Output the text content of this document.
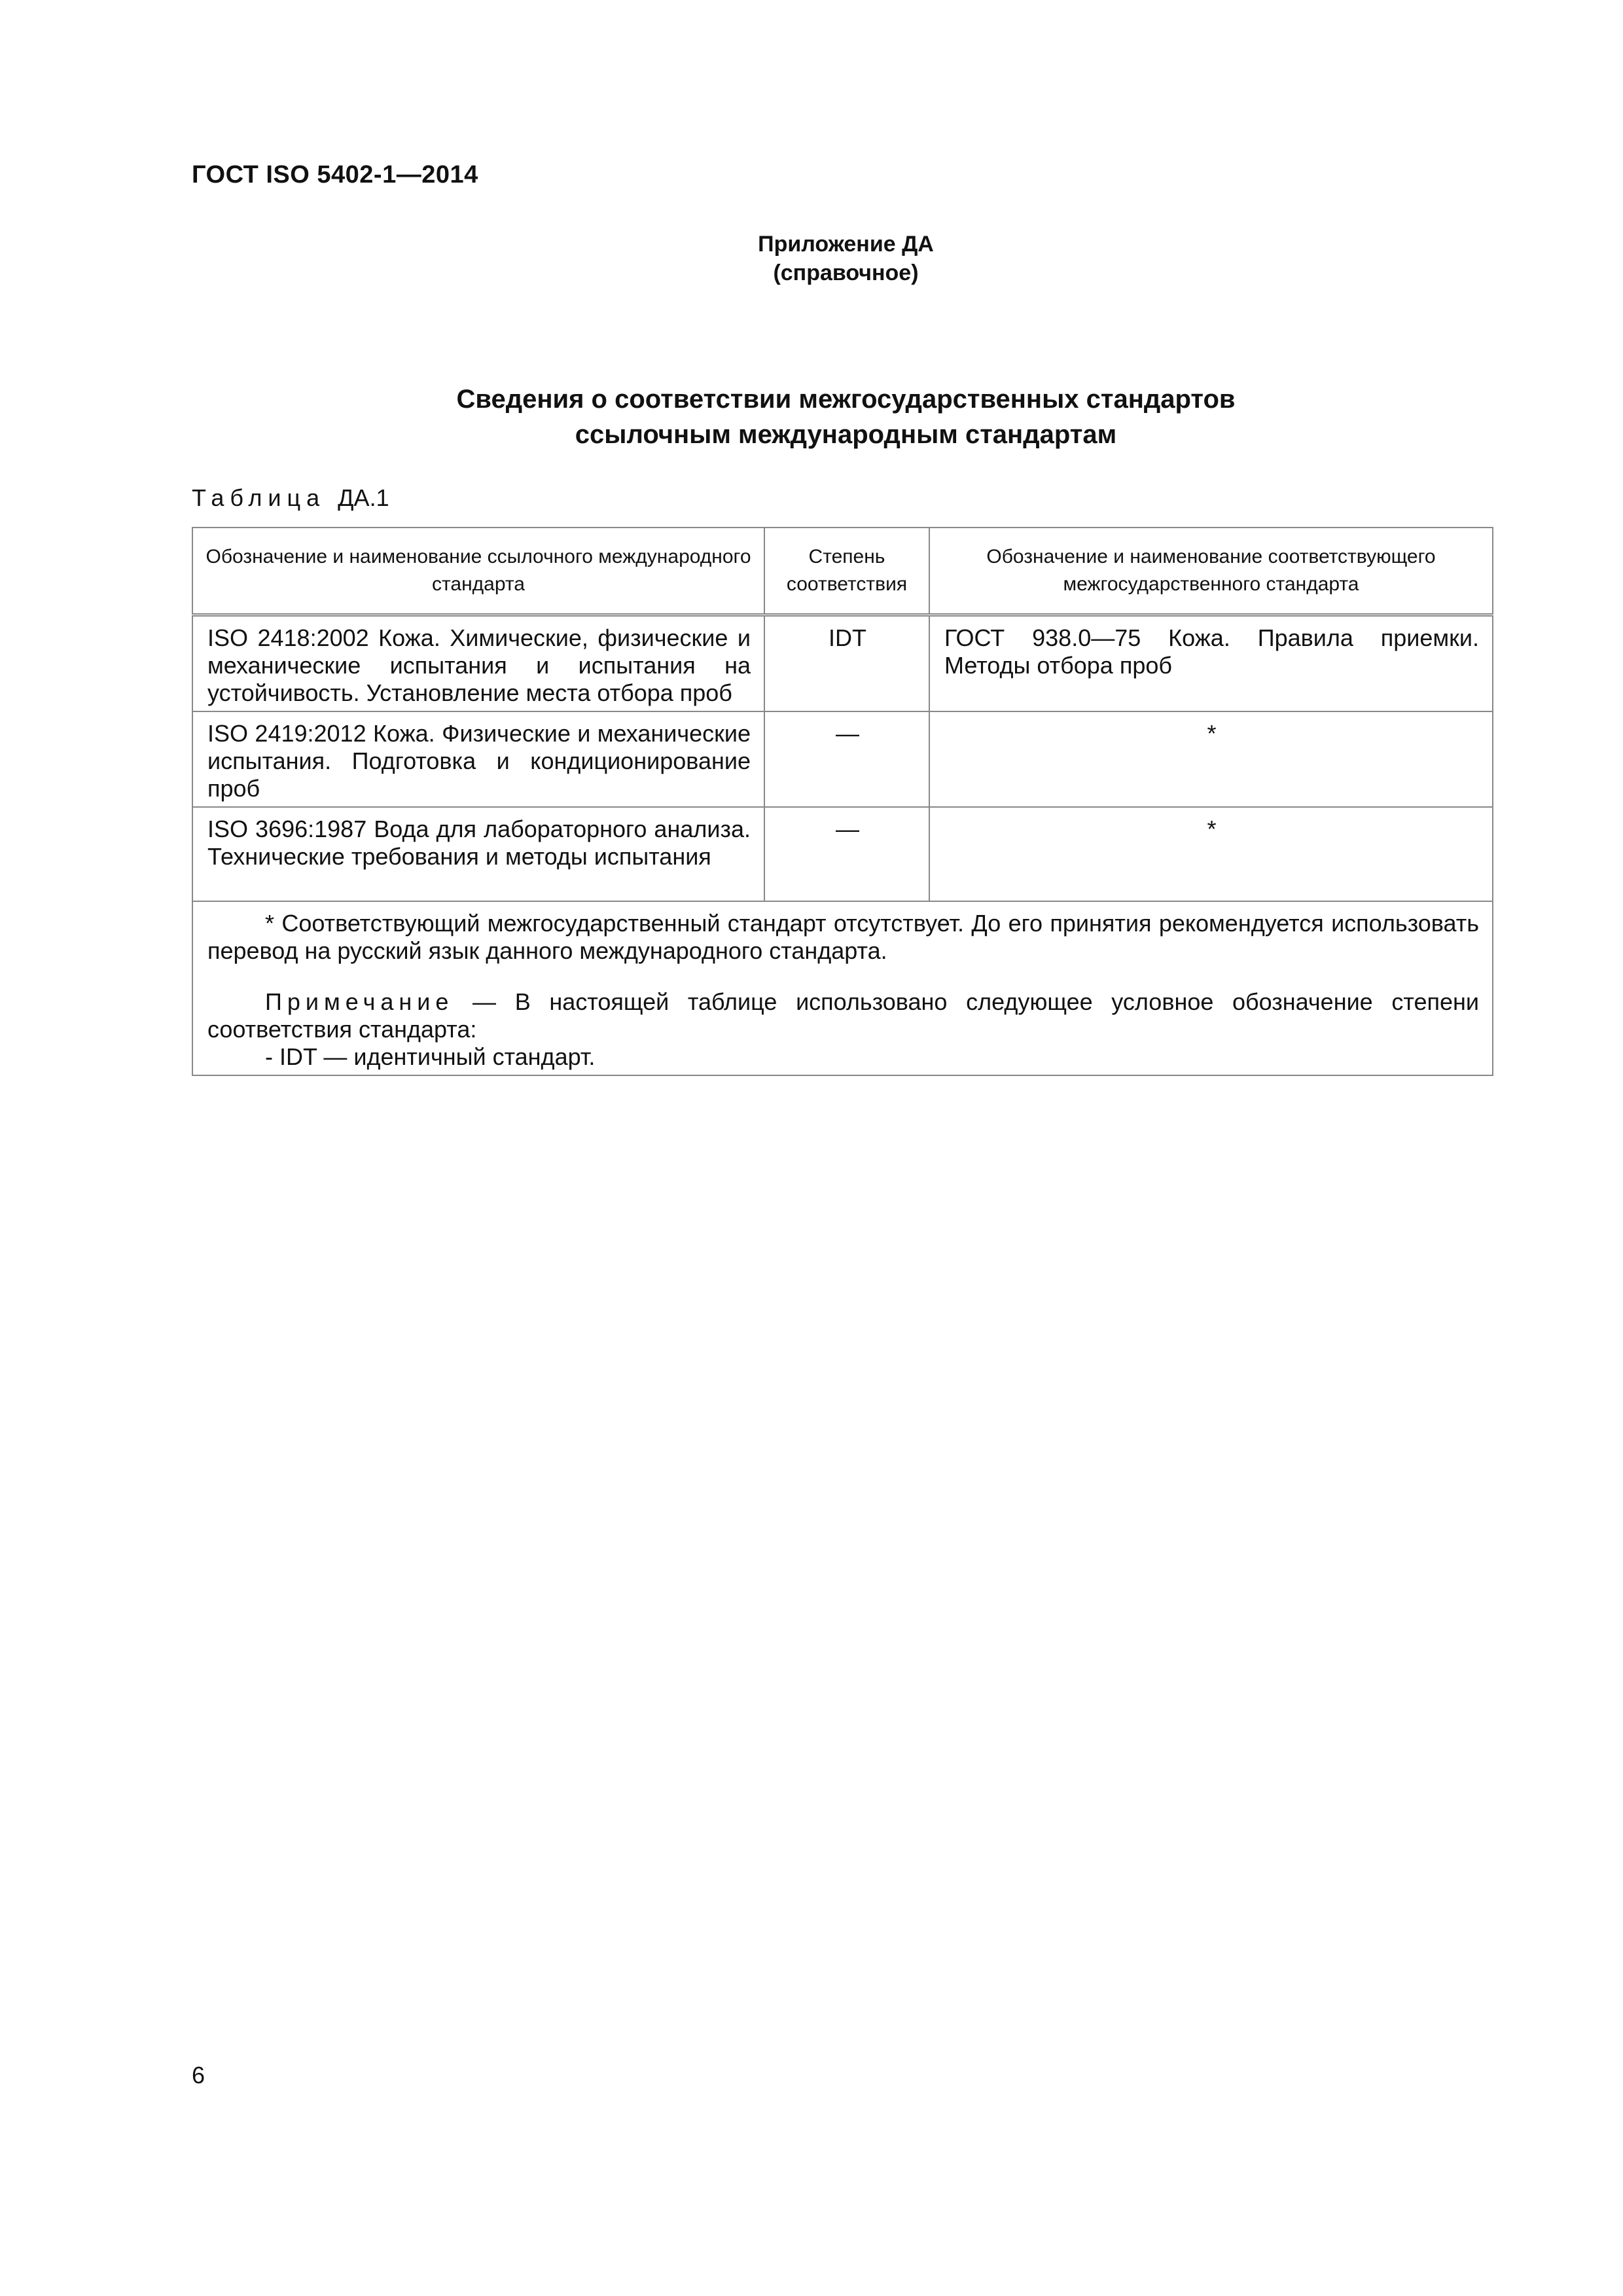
ГОСТ ISO 5402-1—2014
Приложение ДА
(справочное)
Сведения о соответствии межгосударственных стандартов
ссылочным международным стандартам
Таблица ДА.1
Обозначение и наименование ссылочного международного стандарта	Степень соответствия	Обозначение и наименование соответствующего межгосударственного стандарта
ISO 2418:2002 Кожа. Химические, физические и механические испытания и испытания на устойчивость. Установление места отбора проб	IDT	ГОСТ 938.0—75 Кожа. Правила приемки. Методы отбора проб
ISO 2419:2012 Кожа. Физические и механические испытания. Подготовка и кондиционирование проб	—	*
ISO 3696:1987 Вода для лабораторного анализа. Технические требования и методы испытания	—	*

* Соответствующий межгосударственный стандарт отсутствует. До его принятия рекомендуется использовать перевод на русский язык данного международного стандарта.

Примечание — В настоящей таблице использовано следующее условное обозначение степени соответствия стандарта:

- IDT — идентичный стандарт.		

6
